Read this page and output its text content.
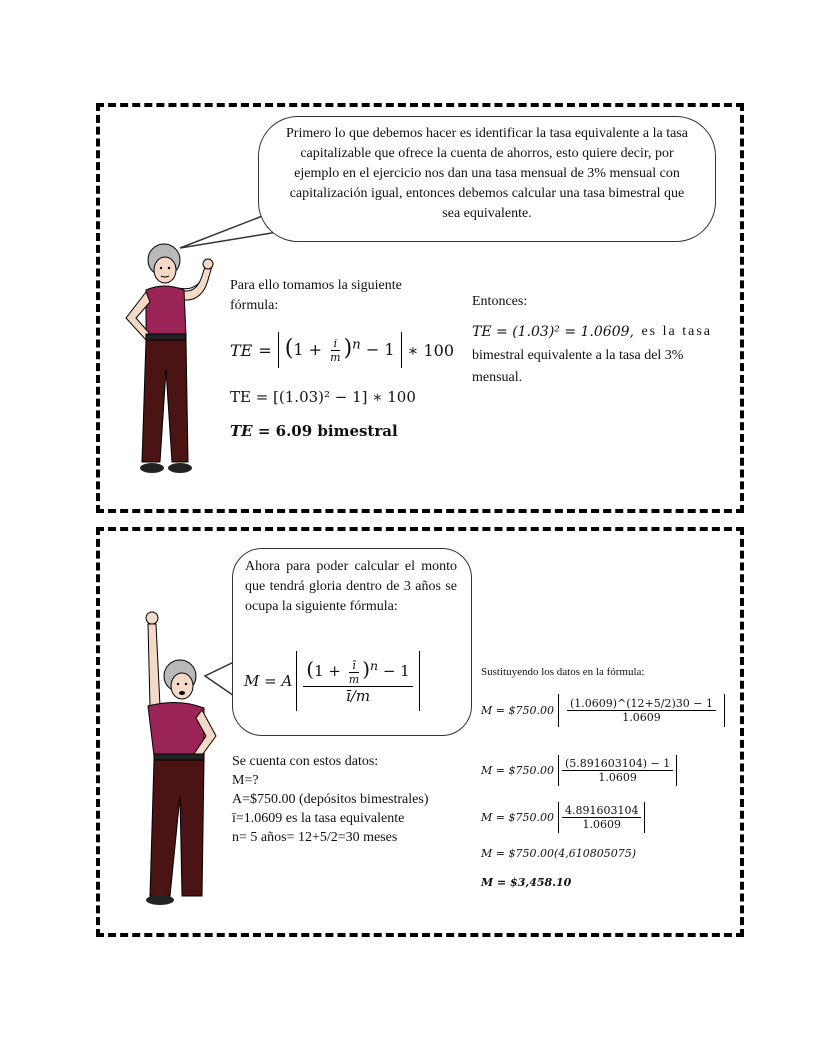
Primero lo que debemos hacer es identificar la tasa equivalente a la tasa capitalizable que ofrece la cuenta de ahorros, esto quiere decir, por ejemplo en el ejercicio nos dan una tasa mensual de 3% mensual con capitalización igual, entonces debemos calcular una tasa bimestral que sea equivalente.
Para ello tomamos la siguiente
fórmula:
TE = $(1 + \frac{i}{m} )^n - 1$ ∗ 100
TE = [(1.03)² − 1] ∗ 100
TE = 6.09 bimestral
Entonces:
TE = (1.03)² = 1.0609, es la tasa
bimestral equivalente a la tasa del 3%
mensual.
Ahora para poder calcular el monto que tendrá gloria dentro de 3 años se ocupa la siguiente fórmula:
M = A $\frac{(1 + \frac{ī}{m} )^n - 1}{ī/m}$
Se cuenta con estos datos:
M=?
A=$750.00 (depósitos bimestrales)
ī=1.0609 es la tasa equivalente
n= 5 años= 12+5/2=30 meses
Sustituyendo los datos en la fórmula:
M = $750.00 $\frac{(1.0609)\^{}(12+5/2)30 - 1}{1.0609}$
M = $750.00 $\frac{(5.891603104) - 1}{1.0609}$
M = $750.00 $\frac{4.891603104}{1.0609}$
M = $750.00(4,610805075)
M = $3,458.10
